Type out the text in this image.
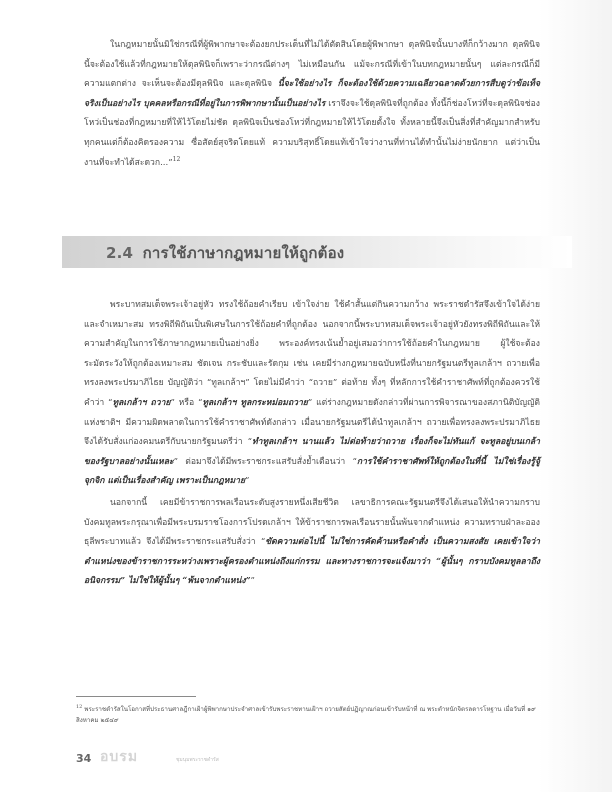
ในกฎหมายนั้นมิใช่กรณีที่ผู้พิพากษาจะต้องยกประเด็นที่ไม่ได้ตัดสินโดยผู้พิพากษา ดุลพินิจนั้นบางทีก็กว้างมาก ดุลพินิจนี้จะต้องใช้แล้วที่กฎหมายให้ดุลพินิจก็เพราะว่ากรณีต่างๆ ไม่เหมือนกัน แม้จะกรณีที่เข้าในบทกฎหมายนั้นๆ แต่ละกรณีก็มีความแตกต่าง จะเห็นจะต้องมีดุลพินิจ และดุลพินิจ นี้จะใช้อย่างไร ก็จะต้องใช้ด้วยความเฉลียวฉลาดด้วยการสืบดูว่าข้อเท็จจริงเป็นอย่างไร บุคคลหรือกรณีที่อยู่ในการพิพากษานั้นเป็นอย่างไร เราจึงจะใช้ดุลพินิจที่ถูกต้อง ทั้งนี้ก็ช่องโหว่ที่จะดุลพินิจช่องโหว่เป็นช่องที่กฎหมายที่ให้ไว้โดยไม่ชัด ดุลพินิจเป็นช่องโหว่ที่กฎหมายให้ไว้โดยตั้งใจ ทั้งหลายนี้จึงเป็นสิ่งที่สำคัญมากสำหรับทุกคนแต่ก็ต้องคิดรองความ ซื่อสัตย์สุจริตโดยแท้ ความบริสุทธิ์โดยแท้เข้าใจว่างานที่ท่านได้ทำนั้นไม่ง่ายนักยาก แต่ว่าเป็นงานที่จะทำได้สะดวก...”$^{12}$

2.4 การใช้ภาษากฎหมายให้ถูกต้อง

พระบาทสมเด็จพระเจ้าอยู่หัว ทรงใช้ถ้อยคำเรียบ เข้าใจง่าย ใช้คำสั้นแต่กินความกว้าง พระราชดำรัสจึงเข้าใจได้ง่ายและจำเหมาะสม ทรงพิถีพิถันเป็นพิเศษในการใช้ถ้อยคำที่ถูกต้อง นอกจากนี้พระบาทสมเด็จพระเจ้าอยู่หัวยังทรงพิถีพิถันและให้ความสำคัญในการใช้ภาษากฎหมายเป็นอย่างยิ่ง พระองค์ทรงเน้นย้ำอยู่เสมอว่าการใช้ถ้อยคำในกฎหมาย ผู้ใช้จะต้องระมัดระวังให้ถูกต้องเหมาะสม ชัดเจน กระชับและรัดกุม เช่น เคยมีร่างกฎหมายฉบับหนึ่งที่นายกรัฐมนตรีทูลเกล้าฯ ถวายเพื่อทรงลงพระปรมาภิไธย บัญญัติว่า “ทูลเกล้าฯ” โดยไม่มีคำว่า “ถวาย” ต่อท้าย ทั้งๆ ที่หลักการใช้คำราชาศัพท์ที่ถูกต้องควรใช้คำว่า “ทูลเกล้าฯ ถวาย” หรือ “ทูลเกล้าฯ ทูลกระหม่อมถวาย” แต่ร่างกฎหมายดังกล่าวที่ผ่านการพิจารณาของสภานิติบัญญัติแห่งชาติฯ มีความผิดพลาดในการใช้คำราชาศัพท์ดังกล่าว เมื่อนายกรัฐมนตรีได้นำทูลเกล้าฯ ถวายเพื่อทรงลงพระปรมาภิไธย จึงได้รับสั่งแก่องคมนตรีกับนายกรัฐมนตรีว่า “ทำทูลเกล้าฯ นานแล้ว ไม่ต่อท้ายว่าถวาย เรื่องก็จะไม่ทันแก้ จะทูลอยู่บนเกล้าของรัฐบาลอย่างนั้นเหละ” ต่อมาจึงได้มีพระราชกระแสรับสั่งย้ำเตือนว่า “การใช้คำราชาศัพท์ให้ถูกต้องในที่นี้ ไม่ใช่เรื่องรู้จู้จุกจิก แต่เป็นเรื่องสำคัญ เพราะเป็นกฎหมาย”

นอกจากนี้ เคยมีข้าราชการพลเรือนระดับสูงรายหนึ่งเสียชีวิต เลขาธิการคณะรัฐมนตรีจึงได้เสนอให้นำความกราบบังคมทูลพระกรุณาเพื่อมีพระบรมราชโองการโปรดเกล้าฯ ให้ข้าราชการพลเรือนรายนั้นพ้นจากตำแหน่ง ความทราบฝ่าละอองธุลีพระบาทแล้ว จึงได้มีพระราชกระแสรับสั่งว่า “ขัดความต่อไปนี้ ไม่ใช่การคัดค้านหรือคำสั่ง เป็นความสงสัย เคยเข้าใจว่าตำแหน่งของข้าราชการระหว่างเพราะผู้ครองตำแหน่งถึงแก่กรรม และทางราชการจะแจ้งมาว่า “ผู้นั้นๆ กราบบังคมทูลลาถึงอนิจกรรม” ไม่ใช่ให้ผู้นั้นๆ “พ้นจากตำแหน่ง””

$^{12}$ พระราชดำรัสในโอกาสที่ประธานศาลฎีกาเฝ้าผู้พิพากษาประจำศาลเข้ารับพระราชทานเฝ้าฯ ถวายสัตย์ปฏิญาณก่อนเข้ารับหน้าที่ ณ พระตำหนักจิตรลดารโหฐาน เมื่อวันที่ ๑๙ สิงหาคม ๒๕๔๙
34 อบรม	ชุมนุมพระราชดำรัส
